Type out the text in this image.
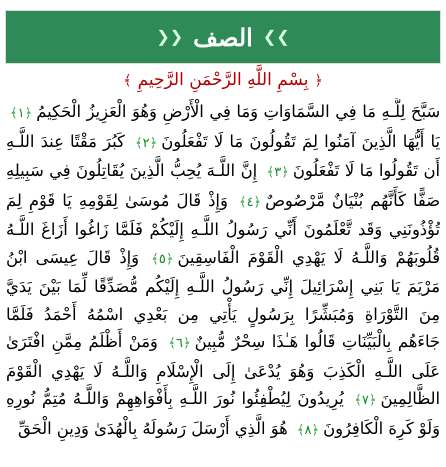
❯❯
الصف
❮❮
﴿بِسْمِ اللَّهِ الرَّحْمَنِ الرَّحِيمِ﴾

سَبَّحَ لِلَّـهِ مَا فِي السَّمَاوَاتِ وَمَا فِي الْأَرْضِ وَهُوَ الْعَزِيزُ الْحَكِيمُ﴿١﴾ يَا أَيُّهَا الَّذِينَ آمَنُوا لِمَ تَقُولُونَ مَا لَا تَفْعَلُونَ﴿٢﴾ كَبُرَ مَقْتًا عِندَ اللَّـهِ أَن تَقُولُوا مَا لَا تَفْعَلُونَ﴿٣﴾ إِنَّ اللَّـهَ يُحِبُّ الَّذِينَ يُقَاتِلُونَ فِي سَبِيلِهِ صَفًّا كَأَنَّهُم بُنْيَانٌ مَّرْصُوصٌ﴿٤﴾ وَإِذْ قَالَ مُوسَىٰ لِقَوْمِهِ يَا قَوْمِ لِمَ تُؤْذُونَنِي وَقَد تَّعْلَمُونَ أَنِّي رَسُولُ اللَّـهِ إِلَيْكُمْ فَلَمَّا زَاغُوا أَزَاغَ اللَّـهُ قُلُوبَهُمْ وَاللَّـهُ لَا يَهْدِي الْقَوْمَ الْفَاسِقِينَ﴿٥﴾ وَإِذْ قَالَ عِيسَى ابْنُ مَرْيَمَ يَا بَنِي إِسْرَائِيلَ إِنِّي رَسُولُ اللَّـهِ إِلَيْكُم مُّصَدِّقًا لِّمَا بَيْنَ يَدَيَّ مِنَ التَّوْرَاةِ وَمُبَشِّرًا بِرَسُولٍ يَأْتِي مِن بَعْدِي اسْمُهُ أَحْمَدُ فَلَمَّا جَاءَهُم بِالْبَيِّنَاتِ قَالُوا هَـٰذَا سِحْرٌ مُّبِينٌ﴿٦﴾ وَمَنْ أَظْلَمُ مِمَّنِ افْتَرَىٰ عَلَى اللَّـهِ الْكَذِبَ وَهُوَ يُدْعَىٰ إِلَى الْإِسْلَامِ وَاللَّـهُ لَا يَهْدِي الْقَوْمَ الظَّالِمِينَ﴿٧﴾ يُرِيدُونَ لِيُطْفِئُوا نُورَ اللَّـهِ بِأَفْوَاهِهِمْ وَاللَّـهُ مُتِمُّ نُورِهِ وَلَوْ كَرِهَ الْكَافِرُونَ﴿٨﴾ هُوَ الَّذِي أَرْسَلَ رَسُولَهُ بِالْهُدَىٰ وَدِينِ الْحَقِّ
